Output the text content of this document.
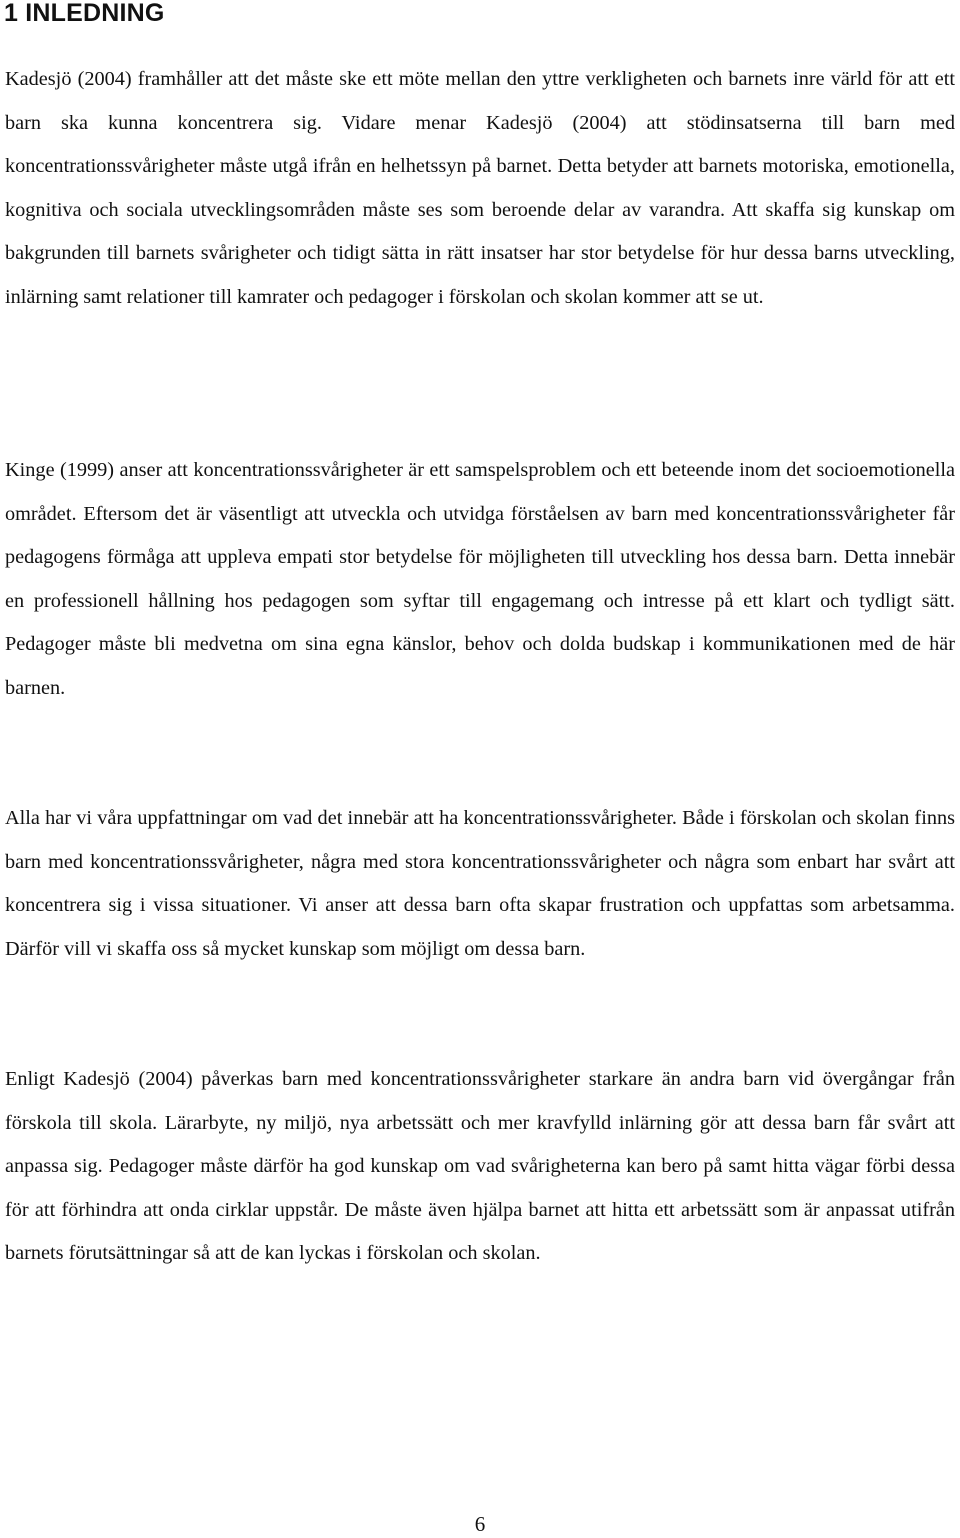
1 INLEDNING

Kadesjö (2004) framhåller att det måste ske ett möte mellan den yttre verkligheten och barnets inre värld för att ett barn ska kunna koncentrera sig. Vidare menar Kadesjö (2004) att stödinsatserna till barn med koncentrationssvårigheter måste utgå ifrån en helhetssyn på barnet. Detta betyder att barnets motoriska, emotionella, kognitiva och sociala utvecklingsområden måste ses som beroende delar av varandra. Att skaffa sig kunskap om bakgrunden till barnets svårigheter och tidigt sätta in rätt insatser har stor betydelse för hur dessa barns utveckling, inlärning samt relationer till kamrater och pedagoger i förskolan och skolan kommer att se ut.

Kinge (1999) anser att koncentrationssvårigheter är ett samspelsproblem och ett beteende inom det socioemotionella området. Eftersom det är väsentligt att utveckla och utvidga förståelsen av barn med koncentrationssvårigheter får pedagogens förmåga att uppleva empati stor betydelse för möjligheten till utveckling hos dessa barn. Detta innebär en professionell hållning hos pedagogen som syftar till engagemang och intresse på ett klart och tydligt sätt. Pedagoger måste bli medvetna om sina egna känslor, behov och dolda budskap i kommunikationen med de här barnen.

Alla har vi våra uppfattningar om vad det innebär att ha koncentrationssvårigheter. Både i förskolan och skolan finns barn med koncentrationssvårigheter, några med stora koncentrationssvårigheter och några som enbart har svårt att koncentrera sig i vissa situationer. Vi anser att dessa barn ofta skapar frustration och uppfattas som arbetsamma. Därför vill vi skaffa oss så mycket kunskap som möjligt om dessa barn.

Enligt Kadesjö (2004) påverkas barn med koncentrationssvårigheter starkare än andra barn vid övergångar från förskola till skola. Lärarbyte, ny miljö, nya arbetssätt och mer kravfylld inlärning gör att dessa barn får svårt att anpassa sig. Pedagoger måste därför ha god kunskap om vad svårigheterna kan bero på samt hitta vägar förbi dessa för att förhindra att onda cirklar uppstår. De måste även hjälpa barnet att hitta ett arbetssätt som är anpassat utifrån barnets förutsättningar så att de kan lyckas i förskolan och skolan.

6
